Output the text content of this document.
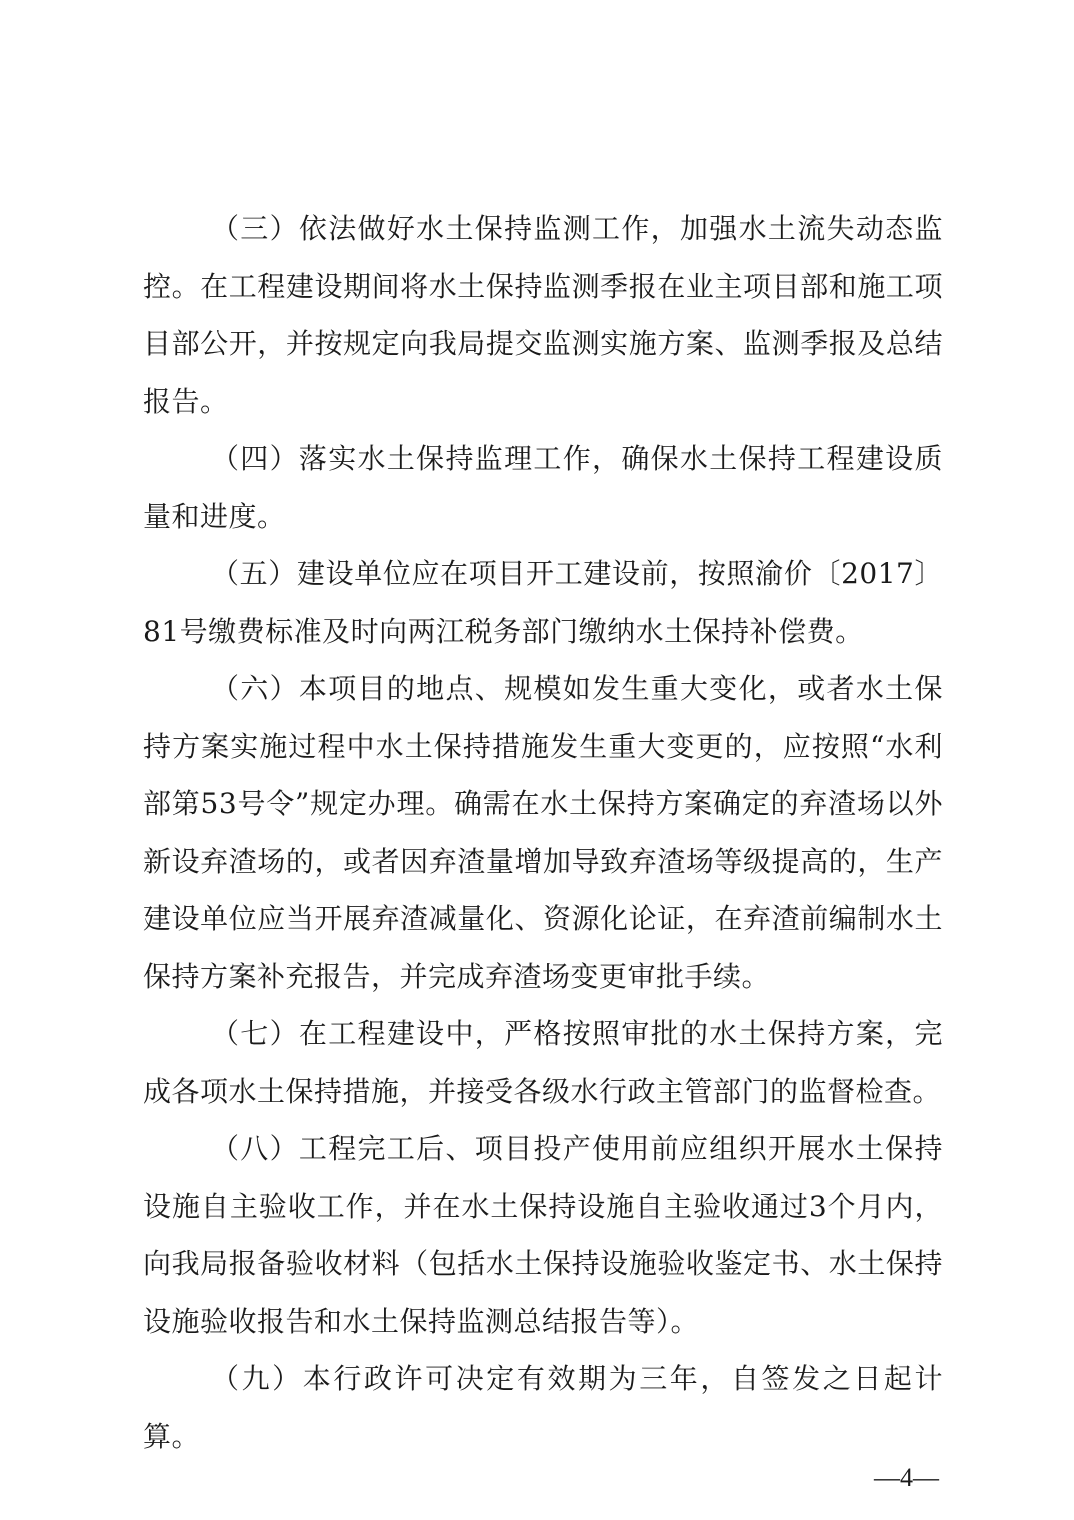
（三）依法做好水土保持监测工作，加强水土流失动态监控。在工程建设期间将水土保持监测季报在业主项目部和施工项目部公开，并按规定向我局提交监测实施方案、监测季报及总结报告。

（四）落实水土保持监理工作，确保水土保持工程建设质量和进度。

（五）建设单位应在项目开工建设前，按照渝价〔2017〕81号缴费标准及时向两江税务部门缴纳水土保持补偿费。

（六）本项目的地点、规模如发生重大变化，或者水土保持方案实施过程中水土保持措施发生重大变更的，应按照“水利部第53号令”规定办理。确需在水土保持方案确定的弃渣场以外新设弃渣场的，或者因弃渣量增加导致弃渣场等级提高的，生产建设单位应当开展弃渣减量化、资源化论证，在弃渣前编制水土保持方案补充报告，并完成弃渣场变更审批手续。

（七）在工程建设中，严格按照审批的水土保持方案，完成各项水土保持措施，并接受各级水行政主管部门的监督检查。

（八）工程完工后、项目投产使用前应组织开展水土保持设施自主验收工作，并在水土保持设施自主验收通过3个月内，向我局报备验收材料（包括水土保持设施验收鉴定书、水土保持设施验收报告和水土保持监测总结报告等）。

（九）本行政许可决定有效期为三年，自签发之日起计算。

—4—
